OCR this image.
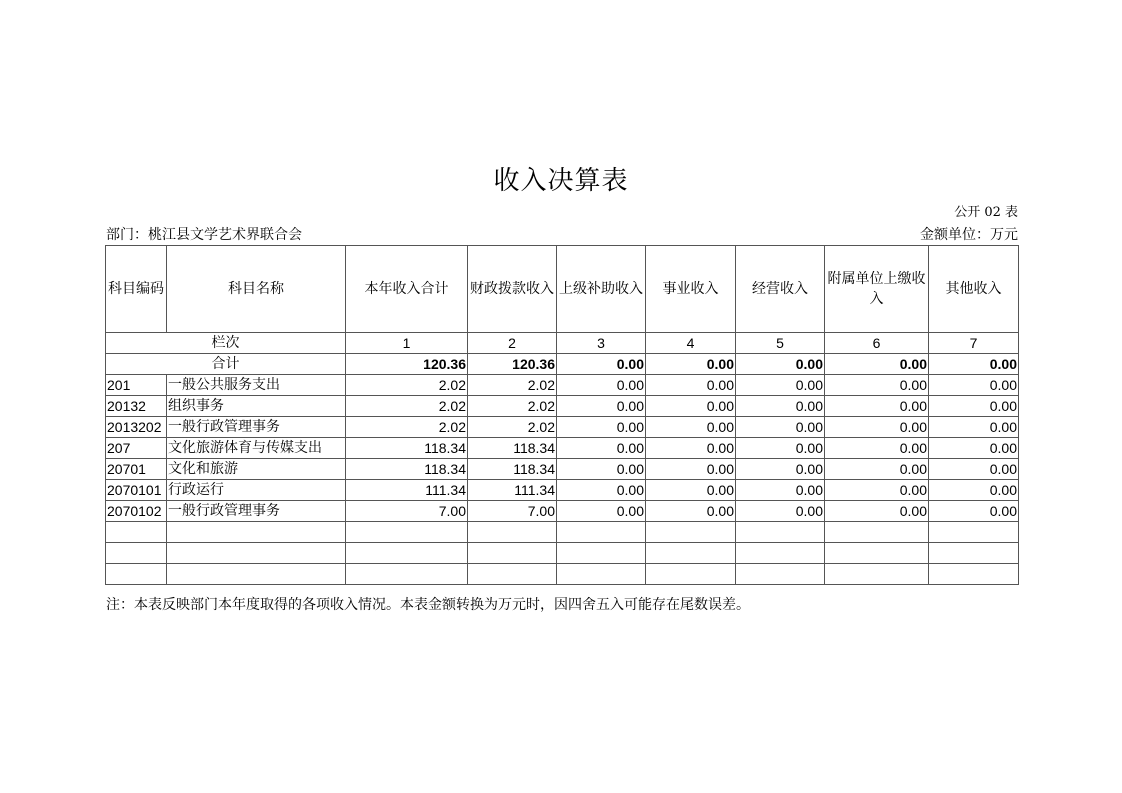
收入决算表
公开 02 表
部门：桃江县文学艺术界联合会	金额单位：万元
科目编码	科目名称	本年收入合计	财政拨款收入	上级补助收入	事业收入	经营收入	附属单位上缴收入	其他收入
栏次		1	2	3	4	5	6	7
合计		120.36	120.36	0.00	0.00	0.00	0.00	0.00
201	一般公共服务支出	2.02	2.02	0.00	0.00	0.00	0.00	0.00
20132	组织事务	2.02	2.02	0.00	0.00	0.00	0.00	0.00
2013202	一般行政管理事务	2.02	2.02	0.00	0.00	0.00	0.00	0.00
207	文化旅游体育与传媒支出	118.34	118.34	0.00	0.00	0.00	0.00	0.00
20701	文化和旅游	118.34	118.34	0.00	0.00	0.00	0.00	0.00
2070101	行政运行	111.34	111.34	0.00	0.00	0.00	0.00	0.00
2070102	一般行政管理事务	7.00	7.00	0.00	0.00	0.00	0.00	0.00

注：本表反映部门本年度取得的各项收入情况。本表金额转换为万元时，因四舍五入可能存在尾数误差。
